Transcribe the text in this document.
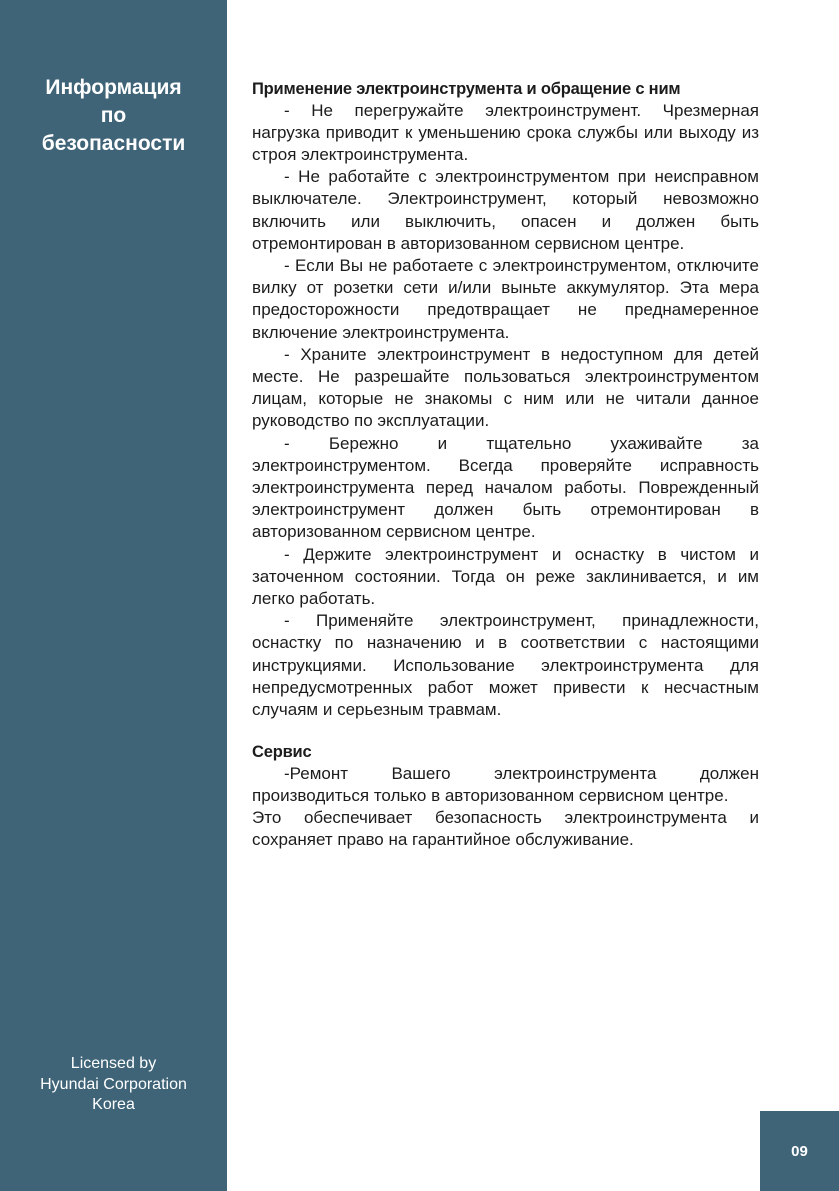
Информация
по
безопасности
Licensed by
Hyundai Corporation
Korea

Применение электроинструмента и обращение с ним

- Не перегружайте электроинструмент. Чрезмерная нагрузка приводит к уменьшению срока службы или выходу из строя электроинструмента.

- Не работайте с электроинструментом при неисправном выключателе. Электроинструмент, который невозможно включить или выключить, опасен и должен быть отремонтирован в авторизованном сервисном центре.

- Если Вы не работаете с электроинструментом, отключите вилку от розетки сети и/или выньте аккумулятор. Эта мера предосторожности предотвращает не преднамеренное включение электроинструмента.

- Храните электроинструмент в недоступном для детей месте. Не разрешайте пользоваться электроинструментом лицам, которые не знакомы с ним или не читали данное руководство по эксплуатации.

- Бережно и тщательно ухаживайте за электроинструментом. Всегда проверяйте исправность электроинструмента перед началом работы. Поврежденный электроинструмент должен быть отремонтирован в авторизованном сервисном центре.

- Держите электроинструмент и оснастку в чистом и заточенном состоянии. Тогда он реже заклинивается, и им легко работать.

- Применяйте электроинструмент, принадлежности, оснастку по назначению и в соответствии с настоящими инструкциями. Использование электроинструмента для непредусмотренных работ может привести к несчастным случаям и серьезным травмам.

Сервис

-Ремонт Вашего электроинструмента должен производиться только в авторизованном сервисном центре.

Это обеспечивает безопасность электроинструмента и сохраняет право на гарантийное обслуживание.

09
